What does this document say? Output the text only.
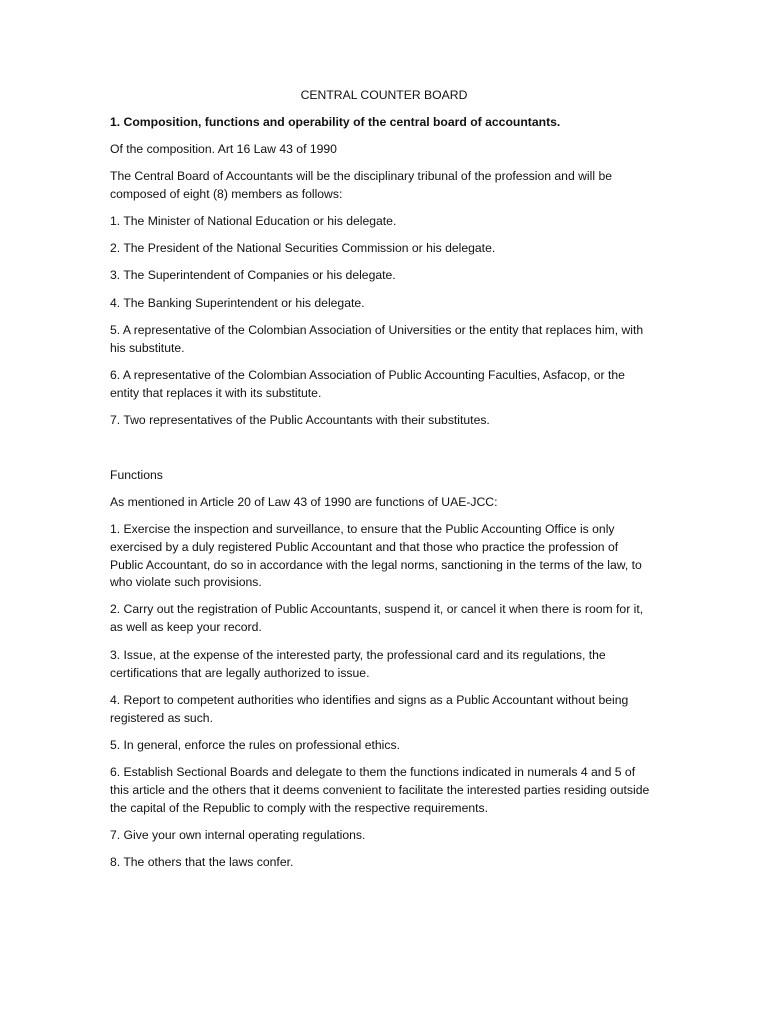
CENTRAL COUNTER BOARD

1. Composition, functions and operability of the central board of accountants.

Of the composition. Art 16 Law 43 of 1990

The Central Board of Accountants will be the disciplinary tribunal of the profession and will be composed of eight (8) members as follows:

1. The Minister of National Education or his delegate.

2. The President of the National Securities Commission or his delegate.

3. The Superintendent of Companies or his delegate.

4. The Banking Superintendent or his delegate.

5. A representative of the Colombian Association of Universities or the entity that replaces him, with his substitute.

6. A representative of the Colombian Association of Public Accounting Faculties, Asfacop, or the entity that replaces it with its substitute.

7. Two representatives of the Public Accountants with their substitutes.

Functions

As mentioned in Article 20 of Law 43 of 1990 are functions of UAE-JCC:

1. Exercise the inspection and surveillance, to ensure that the Public Accounting Office is only exercised by a duly registered Public Accountant and that those who practice the profession of Public Accountant, do so in accordance with the legal norms, sanctioning in the terms of the law, to who violate such provisions.

2. Carry out the registration of Public Accountants, suspend it, or cancel it when there is room for it, as well as keep your record.

3. Issue, at the expense of the interested party, the professional card and its regulations, the certifications that are legally authorized to issue.

4. Report to competent authorities who identifies and signs as a Public Accountant without being registered as such.

5. In general, enforce the rules on professional ethics.

6. Establish Sectional Boards and delegate to them the functions indicated in numerals 4 and 5 of this article and the others that it deems convenient to facilitate the interested parties residing outside the capital of the Republic to comply with the respective requirements.

7. Give your own internal operating regulations.

8. The others that the laws confer.
